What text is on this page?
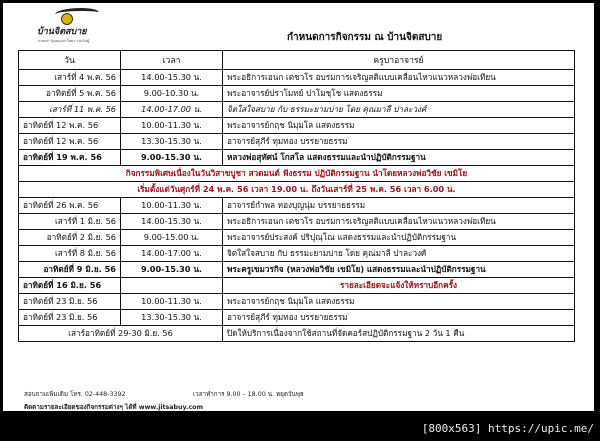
บ้านจิตสบาย
ภาพเก่า ปุ่มของเก่าใหม่ๆ ร่วมกันผู้	กำหนดการกิจกรรม ณ บ้านจิตสบาย
วัน	เวลา	ครูบาอาจารย์
เสาร์ที่ 4 พ.ค. 56	14.00-15.30 น.	พระอธิการเอนก เตชวโร อบรมการเจริญสติแบบเคลื่อนไหวแนวหลวงพ่อเทียน
อาทิตย์ที่ 5 พ.ค. 56	9.00-10.30 น.	พระอาจารย์ปราโมทย์ ปาโมชฺโช แสดงธรรม
เสาร์ที่ 11 พ.ค. 56	14.00-17.00 น.	จิตใสใจสบาย กับ ธรรมะยามบ่าย โดย คุณมาลี ปาละวงศ์
อาทิตย์ที่ 12 พ.ค. 56	10.00-11.30 น.	พระอาจารย์กฤช นิมฺมโล แสดงธรรม
อาทิตย์ที่ 12 พ.ค. 56	13.30-15.30 น.	อาจารย์สุภีร์ ทุมทอง บรรยายธรรม
อาทิตย์ที่ 19 พ.ค. 56	9.00-15.30 น.	หลวงพ่อสุทัศน์ โกสโล แสดงธรรมและนำปฏิบัติกรรมฐาน
กิจกรรมพิเศษเนื่องในวันวิสาขบูชา สวดมนต์ ฟังธรรม ปฏิบัติกรรมฐาน นำโดยหลวงพ่อวิชัย เขมิโย		
เริ่มตั้งแต่วันศุกร์ที่ 24 พ.ค. 56 เวลา 19.00 น. ถึงวันเสาร์ที่ 25 พ.ค. 56 เวลา 6.00 น.		
อาทิตย์ที่ 26 พ.ค. 56	10.00-11.30 น.	อาจารย์กำพล ทองบุญนุ่ม บรรยายธรรม
เสาร์ที่ 1 มิ.ย. 56	14.00-15.30 น.	พระอธิการเอนก เตชวโร อบรมการเจริญสติแบบเคลื่อนไหวแนวหลวงพ่อเทียน
อาทิตย์ที่ 2 มิ.ย. 56	9.00-15.00 น.	พระอาจารย์ประสงค์ ปริปุณฺโณ แสดงธรรมและนำปฏิบัติกรรมฐาน
เสาร์ที่ 8 มิ.ย. 56	14.00-17.00 น.	จิตใสใจสบาย กับ ธรรมะยามบ่าย โดย คุณมาลี ปาละวงศ์
อาทิตย์ที่ 9 มิ.ย. 56	9.00-15.30 น.	พระครูเขมวรกิจ (หลวงพ่อวิชัย เขมิโย) แสดงธรรมและนำปฏิบัติกรรมฐาน
อาทิตย์ที่ 16 มิ.ย. 56		รายละเอียดจะแจ้งให้ทราบอีกครั้ง
อาทิตย์ที่ 23 มิ.ย. 56	10.00-11.30 น.	พระอาจารย์กฤช นิมฺมโล แสดงธรรม
อาทิตย์ที่ 23 มิ.ย. 56	13.30-15.30 น.	อาจารย์สุภีร์ ทุมทอง บรรยายธรรม
เสาร์อาทิตย์ที่ 29-30 มิ.ย. 56		ปิดให้บริการเนื่องจากใช้สถานที่จัดคอร์สปฏิบัติกรรมฐาน 2 วัน 1 คืน
สอบถามเพิ่มเติม โทร. 02-448-3392	เวลาทำการ 9.00 – 18.00 น. หยุดวันพุธ
ติดตามรายละเอียดของกิจกรรมต่างๆ ได้ที่ www.jitsabuy.com
[800x563] https://upic.me/
